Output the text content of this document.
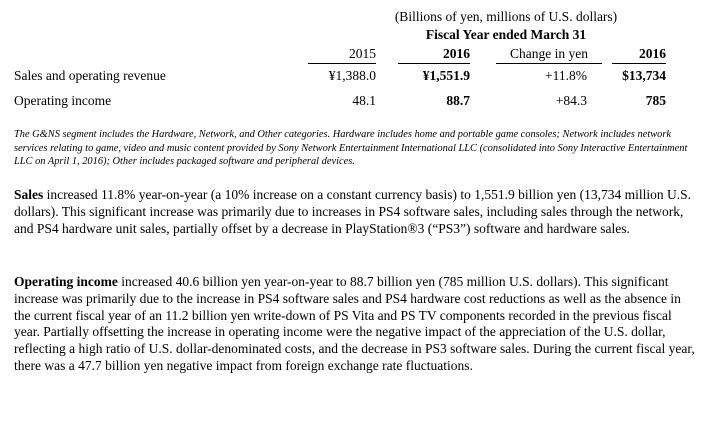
(Billions of yen, millions of U.S. dollars)
Fiscal Year ended March 31
2015	2016	Change in yen	2016
Sales and operating revenue	¥1,388.0	¥1,551.9	+11.8%	$13,734
Operating income	48.1	88.7	+84.3	785
The G&NS segment includes the Hardware, Network, and Other categories. Hardware includes home and portable game consoles; Network includes network services relating to game, video and music content provided by Sony Network Entertainment International LLC (consolidated into Sony Interactive Entertainment LLC on April 1, 2016); Other includes packaged software and peripheral devices.
Sales increased 11.8% year-on-year (a 10% increase on a constant currency basis) to 1,551.9 billion yen (13,734 million U.S. dollars). This significant increase was primarily due to increases in PS4 software sales, including sales through the network, and PS4 hardware unit sales, partially offset by a decrease in PlayStation®3 (“PS3”) software and hardware sales.
Operating income increased 40.6 billion yen year-on-year to 88.7 billion yen (785 million U.S. dollars). This significant increase was primarily due to the increase in PS4 software sales and PS4 hardware cost reductions as well as the absence in the current fiscal year of an 11.2 billion yen write-down of PS Vita and PS TV components recorded in the previous fiscal year. Partially offsetting the increase in operating income were the negative impact of the appreciation of the U.S. dollar, reflecting a high ratio of U.S. dollar-denominated costs, and the decrease in PS3 software sales. During the current fiscal year, there was a 47.7 billion yen negative impact from foreign exchange rate fluctuations.
